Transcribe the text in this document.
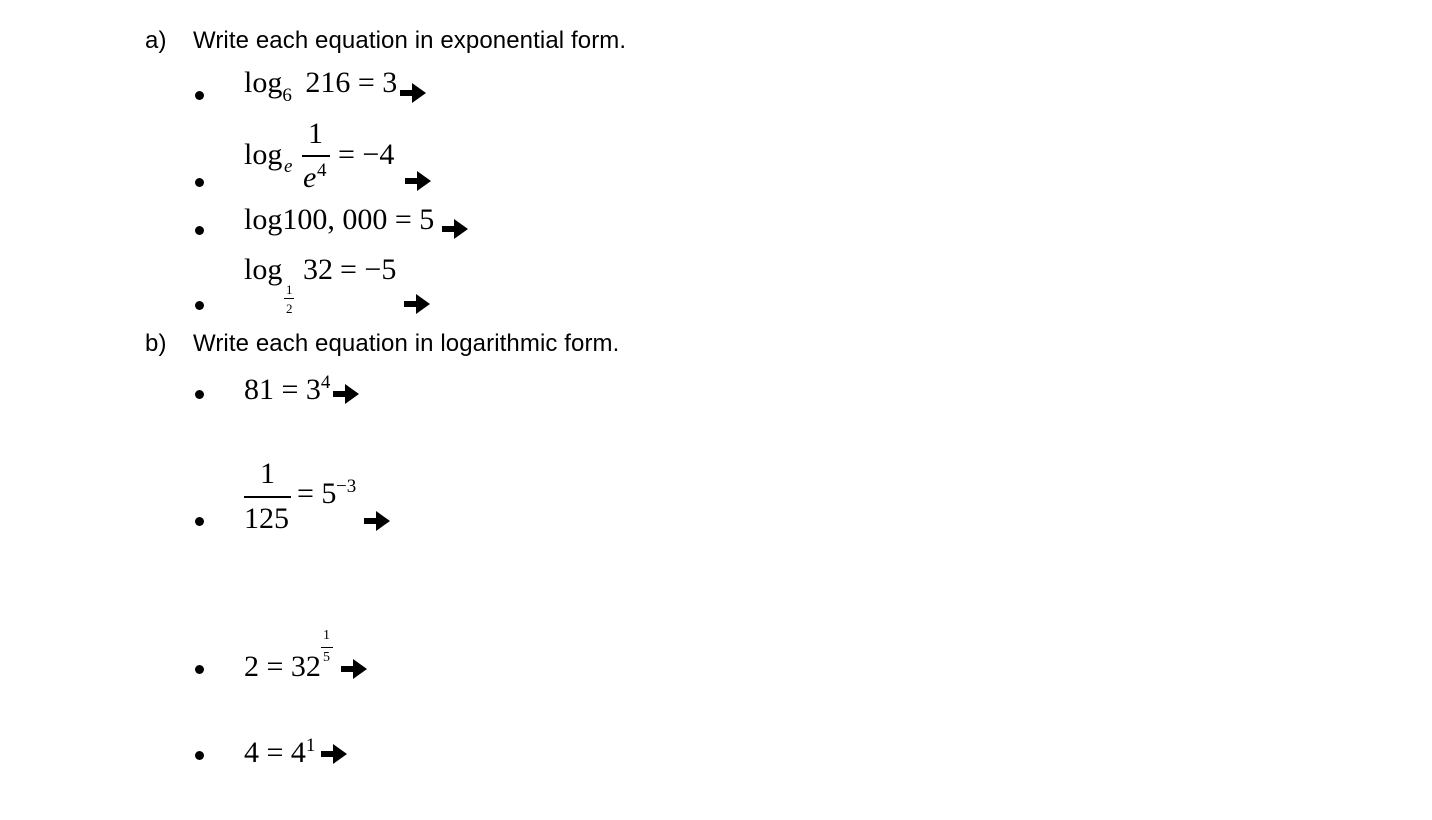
a) Write each equation in exponential form.
$\log_6 216 = 3$
log e
1
e 4 = −4
log100, 000 = 5
log
1
2
32 = −5
b) Write each equation in logarithmic form.
$81 = 3^4$
1
125
= 5 −3
2 = 32
1
5
$4 = 4^1$
